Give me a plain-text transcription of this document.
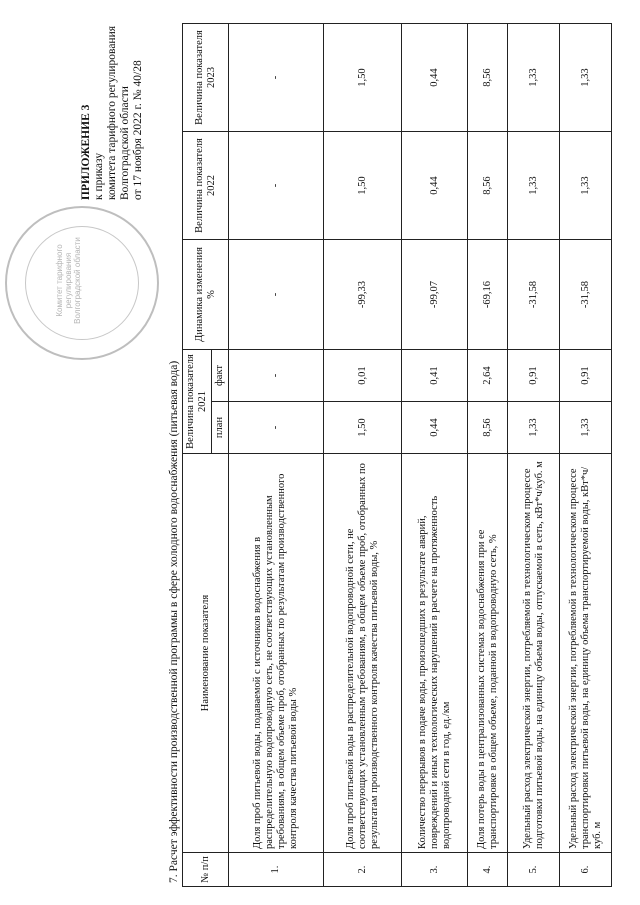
Комитет тарифного регулирования Волгоградской области
ПРИЛОЖЕНИЕ 3 к приказу комитета тарифного регулирования Волгоградской области от 17 ноября 2022 г. № 40/28
7. Расчет эффективности производственной программы в сфере холодного водоснабжения (питьевая вода) № п/п	Наименование показателя	Величина показателя 2021		Динамика изменения %	Величина показателя 2022	Величина показателя 2023
		план	факт			
1.	Доля проб питьевой воды, подаваемой с источников водоснабжения в распределительную водопроводную сеть, не соответствующих установленным требованиям, в общем объеме проб, отобранных по результатам производственного контроля качества питьевой воды %	-	-	-	-	-
2.	Доля проб питьевой воды в распределительной водопроводной сети, не соответствующих установленным требованиям, в общем объеме проб, отобранных по результатам производственного контроля качества питьевой воды, %	1,50	0,01	-99,33	1,50	1,50
3.	Количество перерывов в подаче воды, произошедших в результате аварий, повреждений и иных технологических нарушений в расчете на протяженность водопроводной сети в год, ед./км	0,44	0,41	-99,07	0,44	0,44
4.	Доля потерь воды в централизованных системах водоснабжения при ее транспортировке в общем объеме, поданной в водопроводную сеть, %	8,56	2,64	-69,16	8,56	8,56
5.	Удельный расход электрической энергии, потребляемой в технологическом процессе подготовки питьевой воды, на единицу объема воды, отпускаемой в сеть, кВт*ч/куб. м	1,33	0,91	-31,58	1,33	1,33
6.	Удельный расход электрической энергии, потребляемой в технологическом процессе транспортировки питьевой воды, на единицу объема транспортируемой воды, кВт*ч/куб. м	1,33	0,91	-31,58	1,33	1,33
